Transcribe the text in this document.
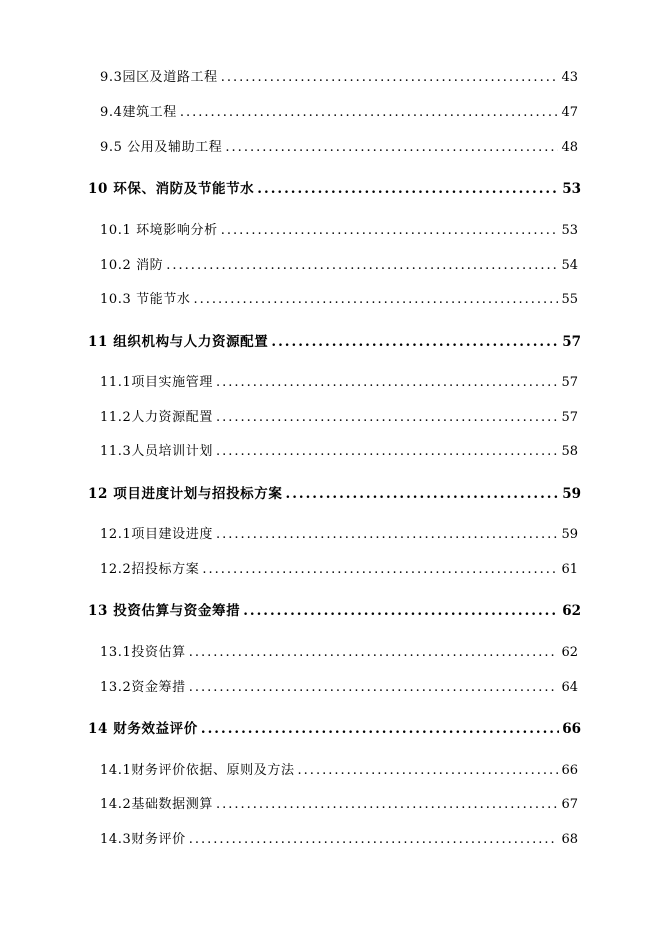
9.3园区及道路工程 .....	43
9.4建筑工程 .....	47
9.5 公用及辅助工程 .....	48
10 环保、消防及节能节水 .....	53
10.1 环境影响分析 .....	53
10.2 消防 .....	54
10.3 节能节水 .....	55
11 组织机构与人力资源配置 .....	57
11.1项目实施管理 .....	57
11.2人力资源配置 .....	57
11.3人员培训计划 .....	58
12 项目进度计划与招投标方案 .....	59
12.1项目建设进度 .....	59
12.2招投标方案 .....	61
13 投资估算与资金筹措 .....	62
13.1投资估算 .....	62
13.2资金筹措 .....	64
14 财务效益评价 .....	66
14.1财务评价依据、原则及方法 .....	66
14.2基础数据测算 .....	67
14.3财务评价 .....	68
